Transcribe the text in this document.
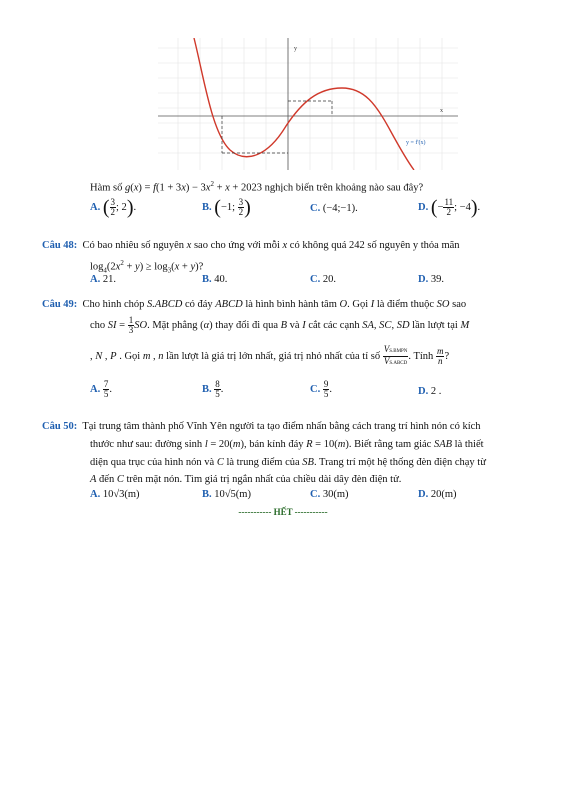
y
x
y = f'(x)
Hàm số $g(x) = f(1 + 3x) - 3x^2 + x + 2023$ nghịch biến trên khoảng nào sau đây?
A. ( $\frac{3}{2}$ ; 2).	B. (−1; $\frac{3}{2}$ )	C. (−4;−1).	D. (− $\frac{11}{2}$ ; −4).
Câu 48: Có bao nhiêu số nguyên x sao cho ứng với mỗi x có không quá 242 số nguyên y thỏa mãn
$\log_4(2x^2 + y) \ge \log_3(x + y)$?
A. 21.	B. 40.	C. 20.	D. 39.
Câu 49: Cho hình chóp S.ABCD có đáy ABCD là hình bình hành tâm O. Gọi I là điểm thuộc SO sao
cho SI = $\frac{1}{3}$ SO. Mặt phẳng (α) thay đổi đi qua B và I cắt các cạnh SA, SC, SD lần lượt tại M
, N , P . Gọi m , n lần lượt là giá trị lớn nhất, giá trị nhỏ nhất của tỉ số $\frac{\text{VS.BMPN}}{\text{VS.ABCD}}$ . Tính $\frac{m}{n}$ ?
A. $\frac{7}{5}$ .	B. $\frac{8}{5}$ .	C. $\frac{9}{5}$ .	D. 2 .
Câu 50: Tại trung tâm thành phố Vĩnh Yên người ta tạo điểm nhấn bằng cách trang trí hình nón có kích
thước như sau: đường sinh l = 20(m), bán kính đáy R = 10(m). Biết rằng tam giác SAB là thiết
diện qua trục của hình nón và C là trung điểm của SB. Trang trí một hệ thống đèn điện chạy từ
A đến C trên mặt nón. Tìm giá trị ngắn nhất của chiều dài dây đèn điện tử.
A. 10√3(m)	B. 10√5(m)	C. 30(m)	D. 20(m)
----------- HẾT -----------
